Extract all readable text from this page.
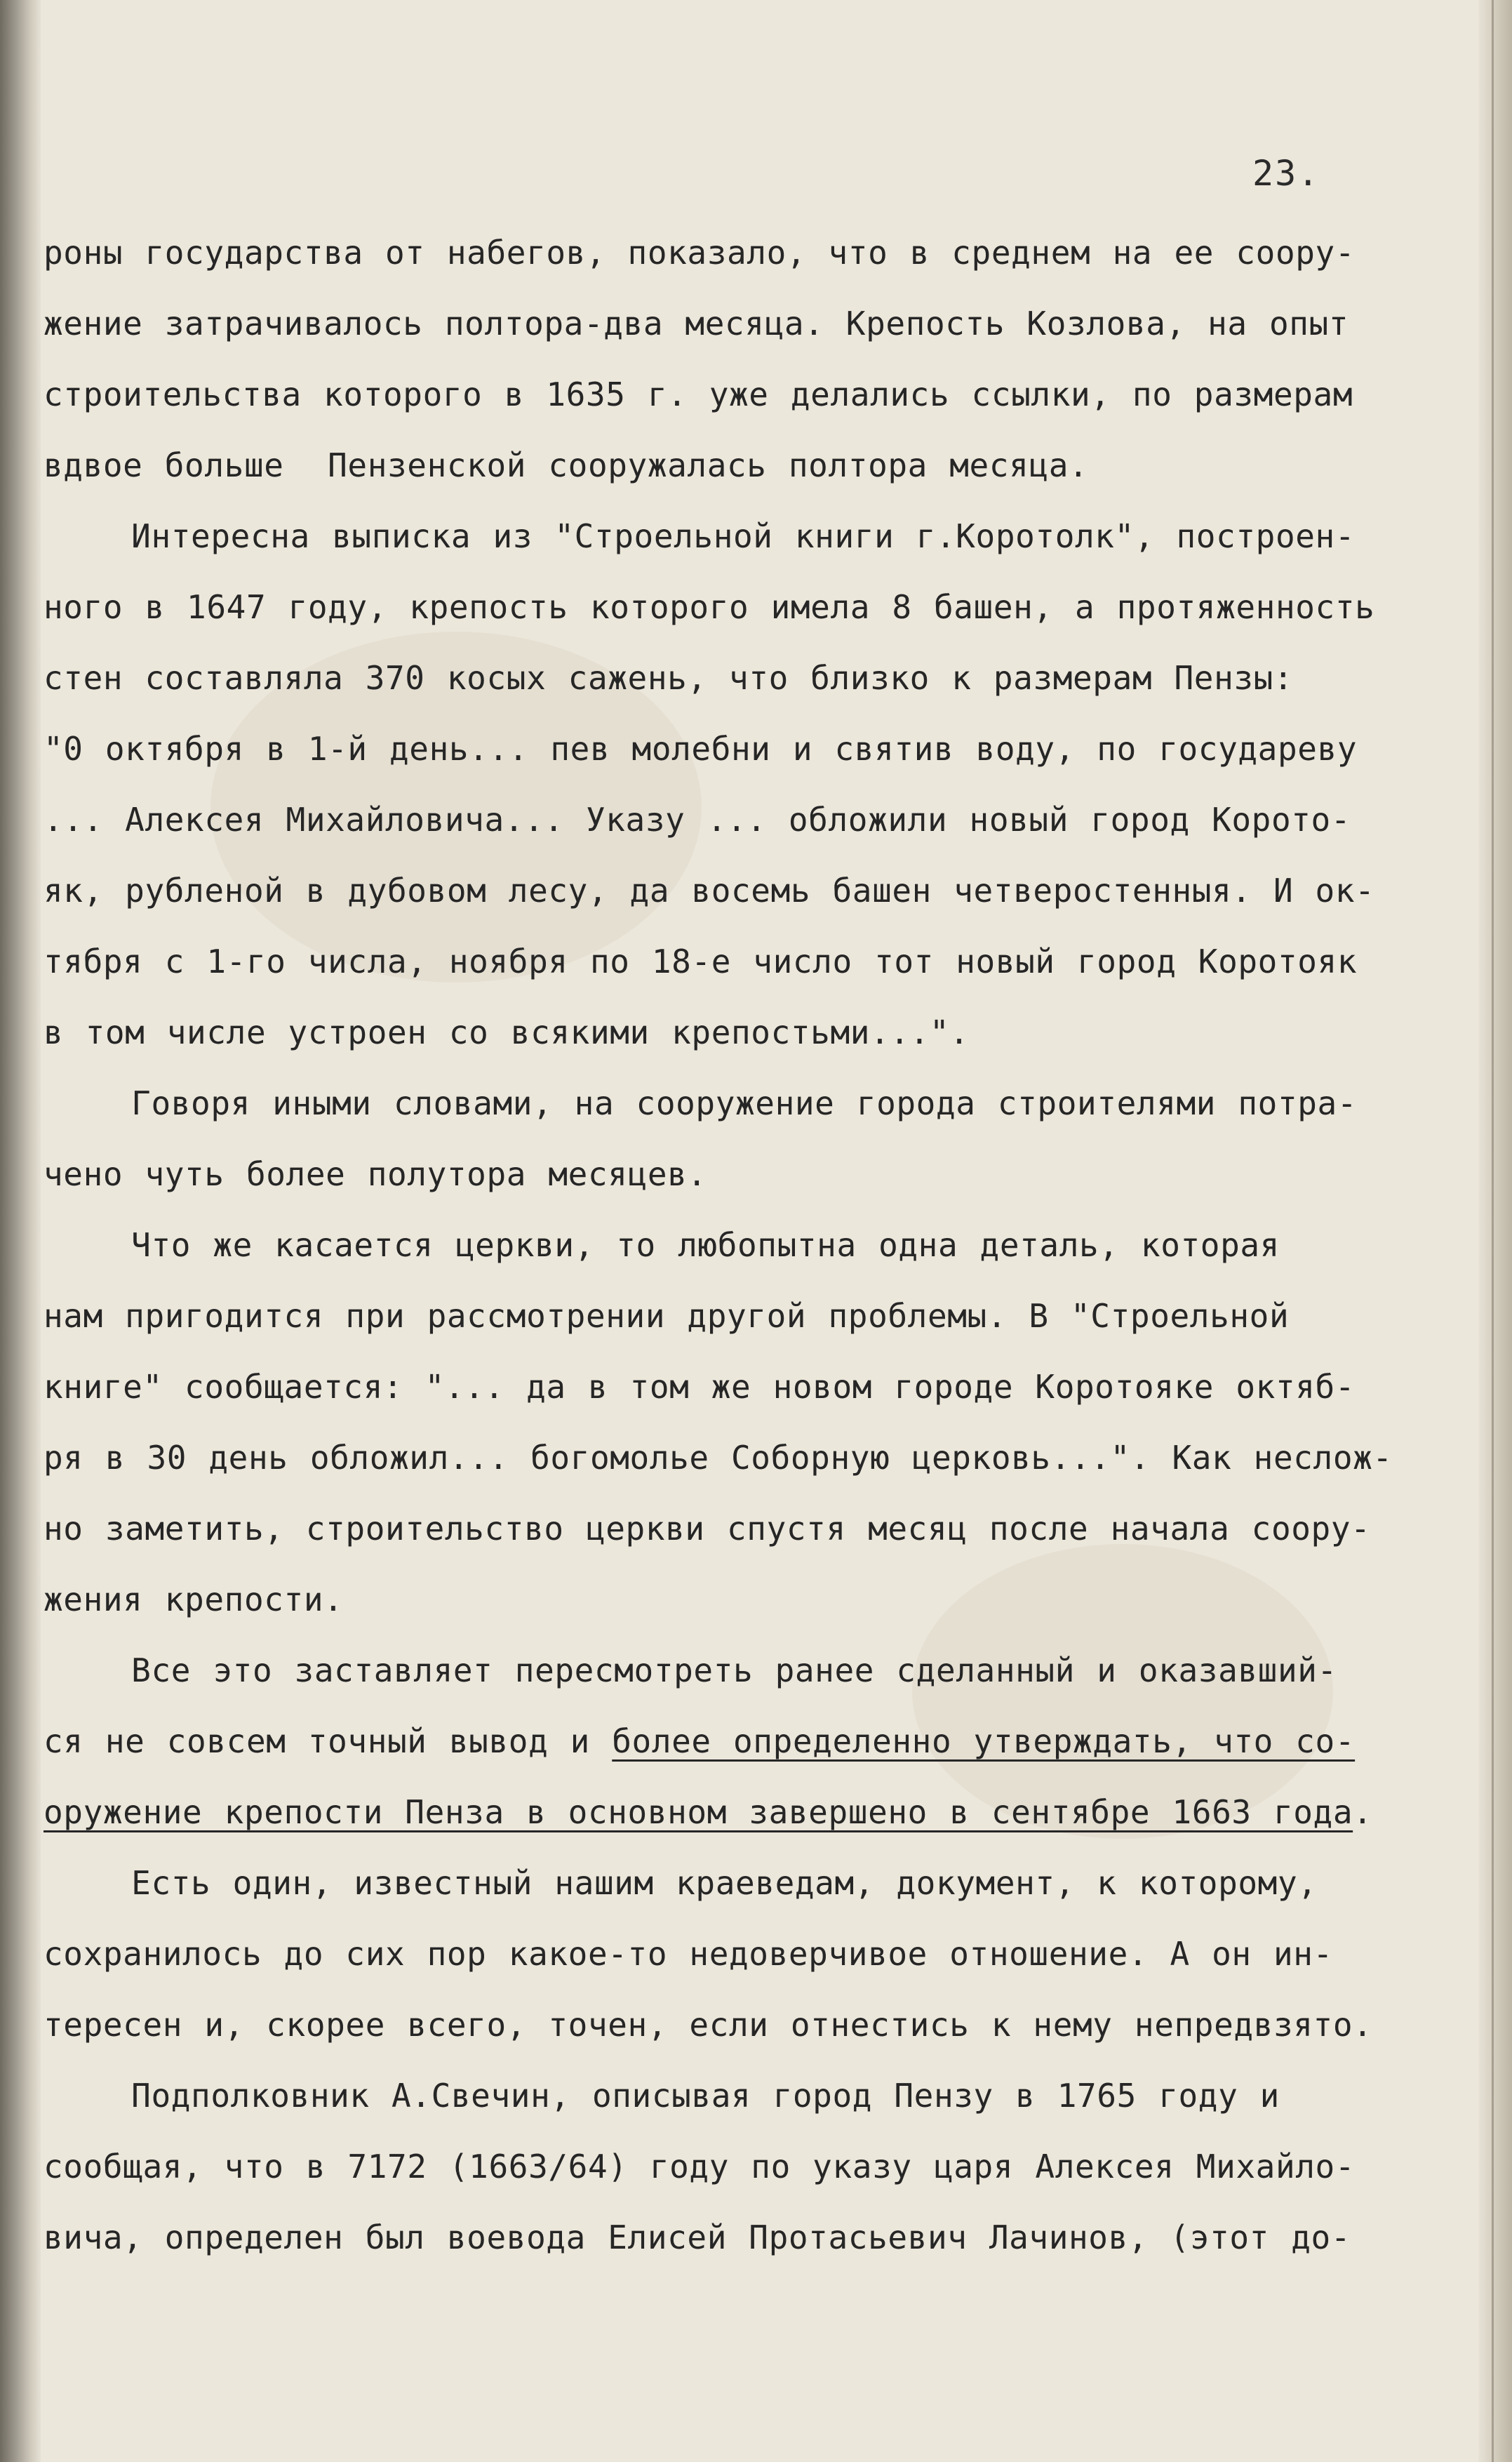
23.
роны государства от набегов, показало, что в среднем на ее соору-
жение затрачивалось полтора-два месяца. Крепость Козлова, на опыт
строительства которого в 1635 г. уже делались ссылки, по размерам
вдвое больше  Пензенской сооружалась полтора месяца.
Интересна выписка из "Строельной книги г.Коротолк", построен-
ного в 1647 году, крепость которого имела 8 башен, а протяженность
стен составляла 370 косых сажень, что близко к размерам Пензы:
"0 октября в 1-й день... пев молебни и святив воду, по государеву
... Алексея Михайловича... Указу ... обложили новый город Корото-
як, рубленой в дубовом лесу, да восемь башен четверостенныя. И ок-
тября с 1-го числа, ноября по 18-е число тот новый город Коротояк
в том числе устроен со всякими крепостьми...".
Говоря иными словами, на сооружение города строителями потра-
чено чуть более полутора месяцев.
Что же касается церкви, то любопытна одна деталь, которая
нам пригодится при рассмотрении другой проблемы. В "Строельной
книге" сообщается: "... да в том же новом городе Коротояке октяб-
ря в 30 день обложил... богомолье Соборную церковь...". Как неслож-
но заметить, строительство церкви спустя месяц после начала соору-
жения крепости.
Все это заставляет пересмотреть ранее сделанный и оказавший-
ся не совсем точный вывод и более определенно утверждать, что со-
оружение крепости Пенза в основном завершено в сентябре 1663 года.
Есть один, известный нашим краеведам, документ, к которому,
сохранилось до сих пор какое-то недоверчивое отношение. А он ин-
тересен и, скорее всего, точен, если отнестись к нему непредвзято.
Подполковник А.Свечин, описывая город Пензу в 1765 году и
сообщая, что в 7172 (1663/64) году по указу царя Алексея Михайло-
вича, определен был воевода Елисей Протасьевич Лачинов, (этот до-
